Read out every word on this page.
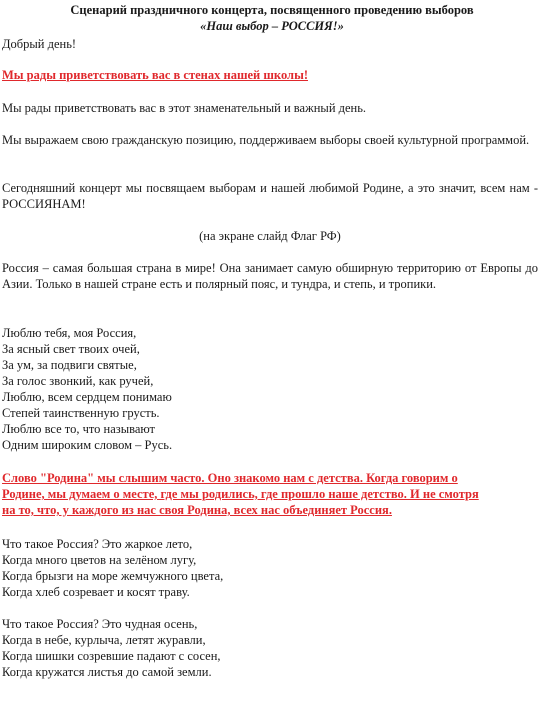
Сценарий праздничного концерта, посвященного проведению выборов
«Наш выбор – РОССИЯ!»
Добрый день!
Мы рады приветствовать вас в стенах нашей школы!
Мы рады приветствовать вас в этот знаменательный и важный день.
Мы выражаем свою гражданскую позицию, поддерживаем выборы своей культурной программой.
Сегодняшний концерт мы посвящаем выборам и нашей любимой Родине, а это значит, всем нам - РОССИЯНАМ!
(на экране слайд Флаг РФ)
Россия – самая большая страна в мире! Она занимает самую обширную территорию от Европы до Азии. Только в нашей стране есть и полярный пояс, и тундра, и степь, и тропики.
Люблю тебя, моя Россия,
За ясный свет твоих очей,
За ум, за подвиги святые,
За голос звонкий, как ручей,
Люблю, всем сердцем понимаю
Степей таинственную грусть.
Люблю все то, что называют
Одним широким словом – Русь.
Слово "Родина" мы слышим часто. Оно знакомо нам с детства. Когда говорим о
Родине, мы думаем о месте, где мы родились, где прошло наше детство. И не смотря
на то, что, у каждого из нас своя Родина, всех нас объединяет Россия.
Что такое Россия? Это жаркое лето,
Когда много цветов на зелёном лугу,
Когда брызги на море жемчужного цвета,
Когда хлеб созревает и косят траву.
Что такое Россия? Это чудная осень,
Когда в небе, курлыча, летят журавли,
Когда шишки созревшие падают с сосен,
Когда кружатся листья до самой земли.
